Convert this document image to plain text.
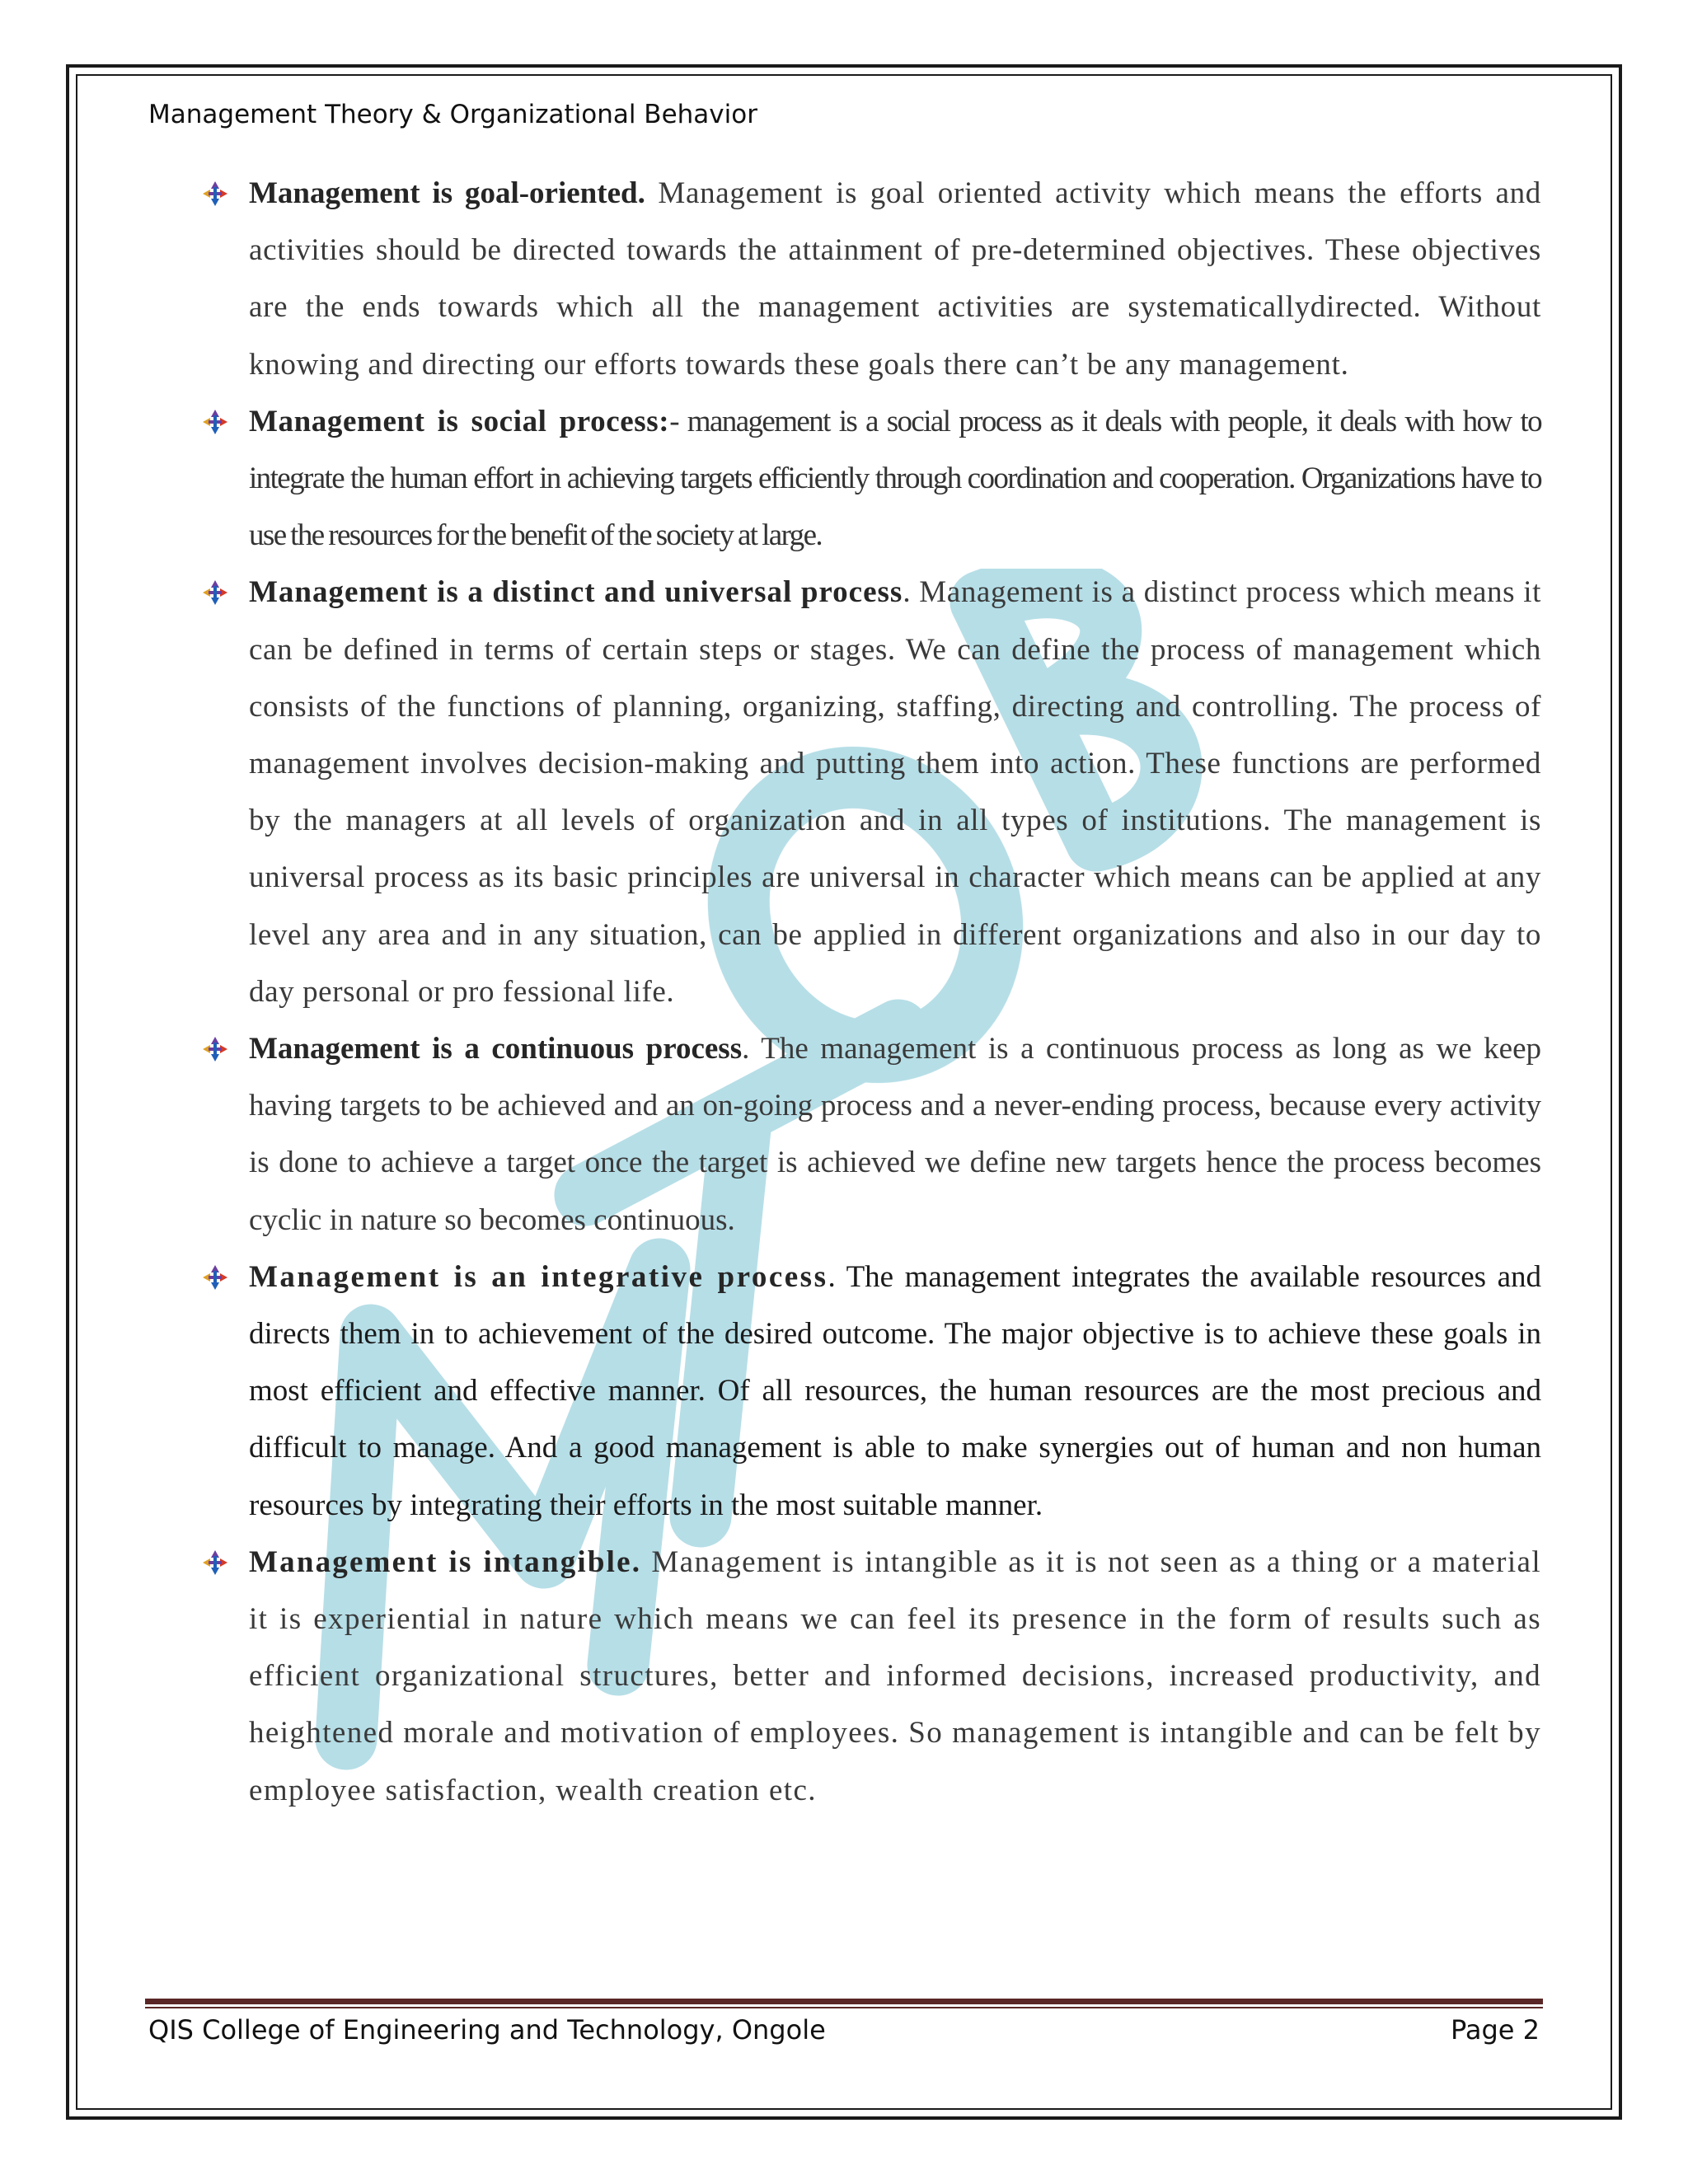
Management Theory & Organizational Behavior
MTOB

Management is goal-oriented. Management is goal oriented activity which means the efforts and activities should be directed towards the attainment of pre-determined objectives. These objectives are the ends towards which all the management activities are systematicallydirected. Without knowing and directing our efforts towards these goals there can’t be any management.

Management is social process:- management is a social process as it deals with people, it deals with how to integrate the human effort in achieving targets efficiently through coordination and cooperation. Organizations have to use the resources for the benefit of the society at large.

Management is a distinct and universal process. Management is a distinct process which means it can be defined in terms of certain steps or stages. We can define the process of management which consists of the functions of planning, organizing, staffing, directing and controlling. The process of management involves decision-making and putting them into action. These functions are performed by the managers at all levels of organization and in all types of institutions. The management is universal process as its basic principles are universal in character which means can be applied at any level any area and in any situation, can be applied in different organizations and also in our day to day personal or pro fessional life.

Management is a continuous process. The management is a continuous process as long as we keep having targets to be achieved and an on-going process and a never-ending process, because every activity is done to achieve a target once the target is achieved we define new targets hence the process becomes cyclic in nature so becomes continuous.

Management is an integrative process. The management integrates the available resources and directs them in to achievement of the desired outcome. The major objective is to achieve these goals in most efficient and effective manner. Of all resources, the human resources are the most precious and difficult to manage. And a good management is able to make synergies out of human and non human resources by integrating their efforts in the most suitable manner.

Management is intangible. Management is intangible as it is not seen as a thing or a material it is experiential in nature which means we can feel its presence in the form of results such as efficient organizational structures, better and informed decisions, increased productivity, and heightened morale and motivation of employees. So management is intangible and can be felt by employee satisfaction, wealth creation etc.

QIS College of Engineering and Technology, Ongole	Page 2
